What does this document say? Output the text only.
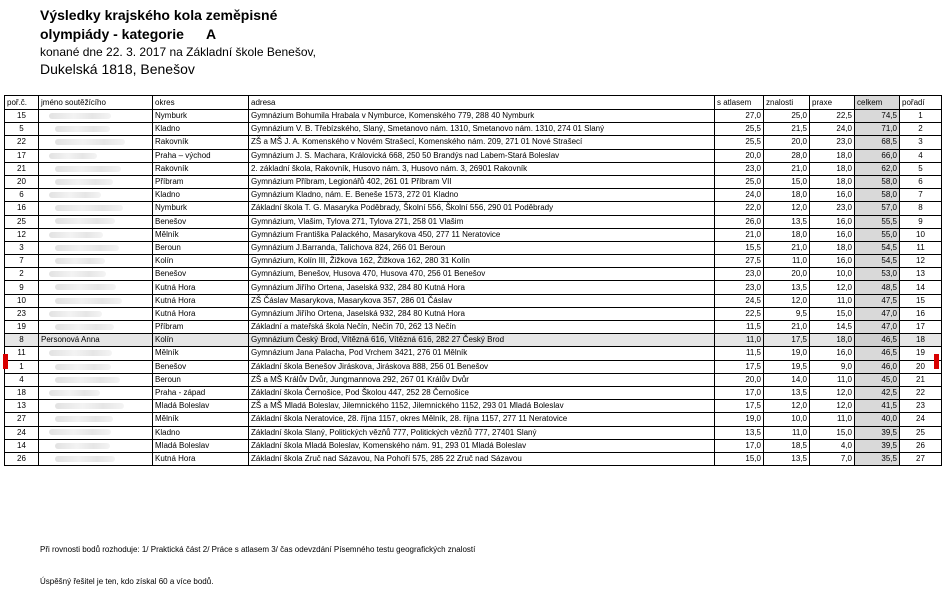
Výsledky krajského kola zeměpisné
olympiády - kategorie A
konané dne 22. 3. 2017 na Základní škole Benešov,
Dukelská 1818, Benešov
poř.č.	jméno soutěžícího	okres	adresa	s atlasem	znalosti	praxe	celkem	pořadí
15		Nymburk	Gymnázium Bohumila Hrabala v Nymburce, Komenského 779, 288 40 Nymburk	27,0	25,0	22,5	74,5	1
5		Kladno	Gymnázium V. B. Třebízského, Slaný, Smetanovo nám. 1310, Smetanovo nám. 1310, 274 01 Slaný	25,5	21,5	24,0	71,0	2
22		Rakovník	ZŠ a MŠ J. A. Komenského v Novém Strašecí, Komenského nám. 209, 271 01 Nové Strašecí	25,5	20,0	23,0	68,5	3
17		Praha – východ	Gymnázium J. S. Machara, Královická 668, 250 50 Brandýs nad Labem-Stará Boleslav	20,0	28,0	18,0	66,0	4
21		Rakovník	2. základní škola, Rakovník, Husovo nám. 3, Husovo nám. 3, 26901 Rakovník	23,0	21,0	18,0	62,0	5
20		Příbram	Gymnázium Příbram, Legionářů 402, 261 01 Příbram VII	25,0	15,0	18,0	58,0	6
6		Kladno	Gymnázium Kladno, nám. E. Beneše 1573, 272 01 Kladno	24,0	18,0	16,0	58,0	7
16		Nymburk	Základní škola T. G. Masaryka Poděbrady, Školní 556, Školní 556, 290 01 Poděbrady	22,0	12,0	23,0	57,0	8
25		Benešov	Gymnázium, Vlašim, Tylova 271, Tylova 271, 258 01 Vlašim	26,0	13,5	16,0	55,5	9
12		Mělník	Gymnázium Františka Palackého, Masarykova 450, 277 11 Neratovice	21,0	18,0	16,0	55,0	10
3		Beroun	Gymnázium J.Barranda, Talichova 824, 266 01 Beroun	15,5	21,0	18,0	54,5	11
7		Kolín	Gymnázium, Kolín III, Žižkova 162, Žižkova 162, 280 31 Kolín	27,5	11,0	16,0	54,5	12
2		Benešov	Gymnázium, Benešov, Husova 470, Husova 470, 256 01 Benešov	23,0	20,0	10,0	53,0	13
9		Kutná Hora	Gymnázium Jiřího Ortena, Jaselská 932, 284 80 Kutná Hora	23,0	13,5	12,0	48,5	14
10		Kutná Hora	ZŠ Čáslav Masarykova, Masarykova 357, 286 01 Čáslav	24,5	12,0	11,0	47,5	15
23		Kutná Hora	Gymnázium Jiřího Ortena, Jaselská 932, 284 80 Kutná Hora	22,5	9,5	15,0	47,0	16
19		Příbram	Základní a mateřská škola Nečín, Nečín 70, 262 13 Nečín	11,5	21,0	14,5	47,0	17
8	Personová Anna	Kolín	Gymnázium Český Brod, Vítězná 616, Vítězná 616, 282 27 Český Brod	11,0	17,5	18,0	46,5	18
11		Mělník	Gymnázium Jana Palacha, Pod Vrchem 3421, 276 01 Mělník	11,5	19,0	16,0	46,5	19
1		Benešov	Základní škola Benešov Jiráskova, Jiráskova 888, 256 01 Benešov	17,5	19,5	9,0	46,0	20
4		Beroun	ZŠ a MŠ Králův Dvůr, Jungmannova 292, 267 01 Králův Dvůr	20,0	14,0	11,0	45,0	21
18		Praha - západ	Základní škola Černošice, Pod Školou 447, 252 28 Černošice	17,0	13,5	12,0	42,5	22
13		Mladá Boleslav	ZŠ a MŠ Mladá Boleslav, Jilemnického 1152, Jilemnického 1152, 293 01 Mladá Boleslav	17,5	12,0	12,0	41,5	23
27		Mělník	Základní škola Neratovice, 28. října 1157, okres Mělník, 28. října 1157, 277 11 Neratovice	19,0	10,0	11,0	40,0	24
24		Kladno	Základní škola Slaný, Politických vězňů 777, Politických vězňů 777, 27401 Slaný	13,5	11,0	15,0	39,5	25
14		Mladá Boleslav	Základní škola Mladá Boleslav, Komenského nám. 91, 293 01 Mladá Boleslav	17,0	18,5	4,0	39,5	26
26		Kutná Hora	Základní škola Zruč nad Sázavou, Na Pohoří 575, 285 22 Zruč nad Sázavou	15,0	13,5	7,0	35,5	27
Při rovnosti bodů rozhoduje: 1/ Praktická část 2/ Práce s atlasem 3/ čas odevzdání Písemného testu geografických znalostí
Úspěšný řešitel je ten, kdo získal 60 a více bodů.
